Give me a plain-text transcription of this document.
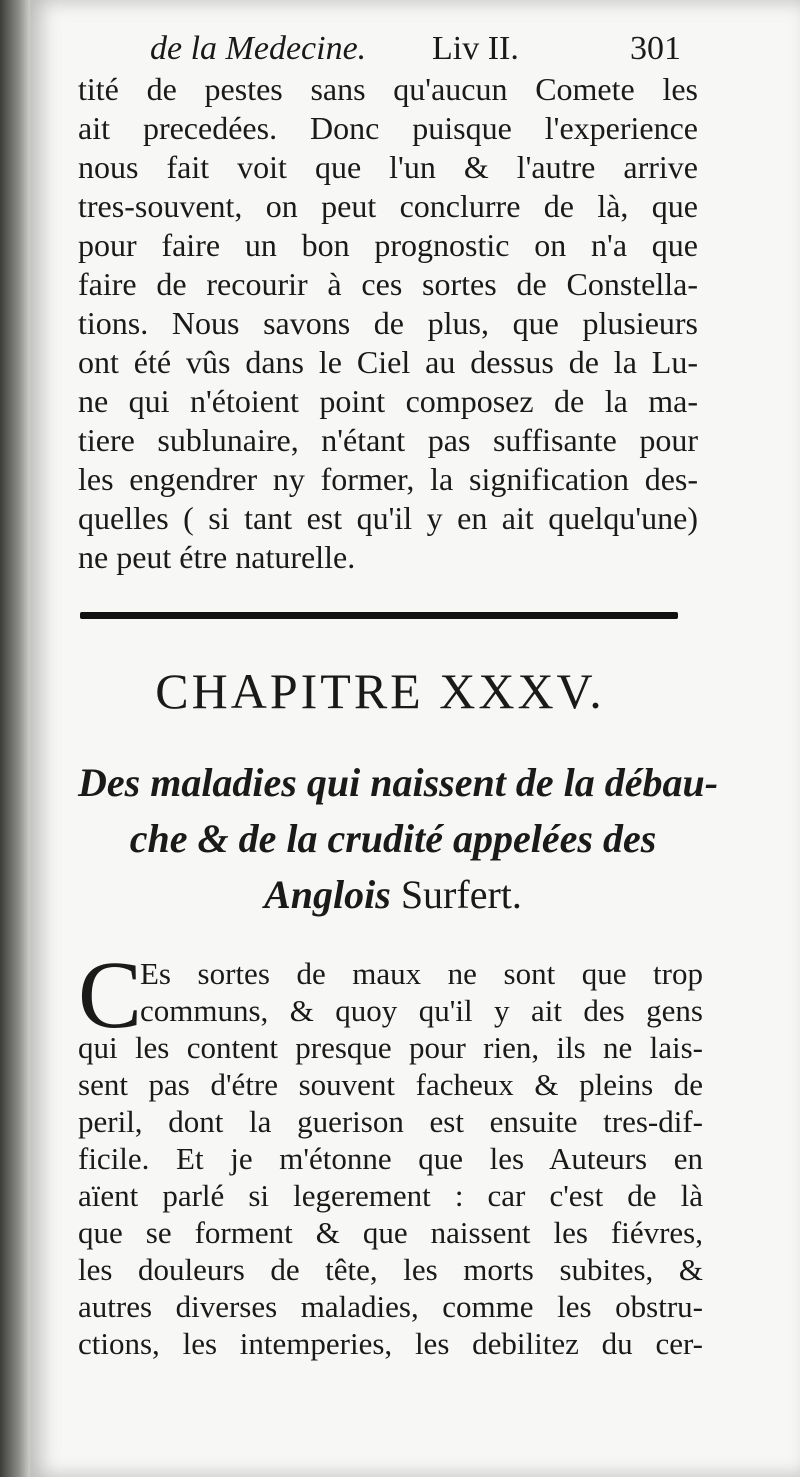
de la Medecine. Liv II.	301
tité de pestes sans qu'aucun Comete les
ait precedées. Donc puisque l'experience
nous fait voit que l'un & l'autre arrive
tres-souvent, on peut conclurre de là, que
pour faire un bon prognostic on n'a que
faire de recourir à ces sortes de Constella-
tions. Nous savons de plus, que plusieurs
ont été vûs dans le Ciel au dessus de la Lu-
ne qui n'étoient point composez de la ma-
tiere sublunaire, n'étant pas suffisante pour
les engendrer ny former, la signification des-
quelles ( si tant est qu'il y en ait quelqu'une)
ne peut étre naturelle.
CHAPITRE XXXV.
Des maladies qui naissent de la débau-
che & de la crudité appelées des
Anglois Surfert.
C
Es sortes de maux ne sont que trop
communs, & quoy qu'il y ait des gens
qui les content presque pour rien, ils ne lais-
sent pas d'étre souvent facheux & pleins de
peril, dont la guerison est ensuite tres-dif-
ficile. Et je m'étonne que les Auteurs en
aïent parlé si legerement : car c'est de là
que se forment & que naissent les fiévres,
les douleurs de tête, les morts subites, &
autres diverses maladies, comme les obstru-
ctions, les intemperies, les debilitez du cer-
